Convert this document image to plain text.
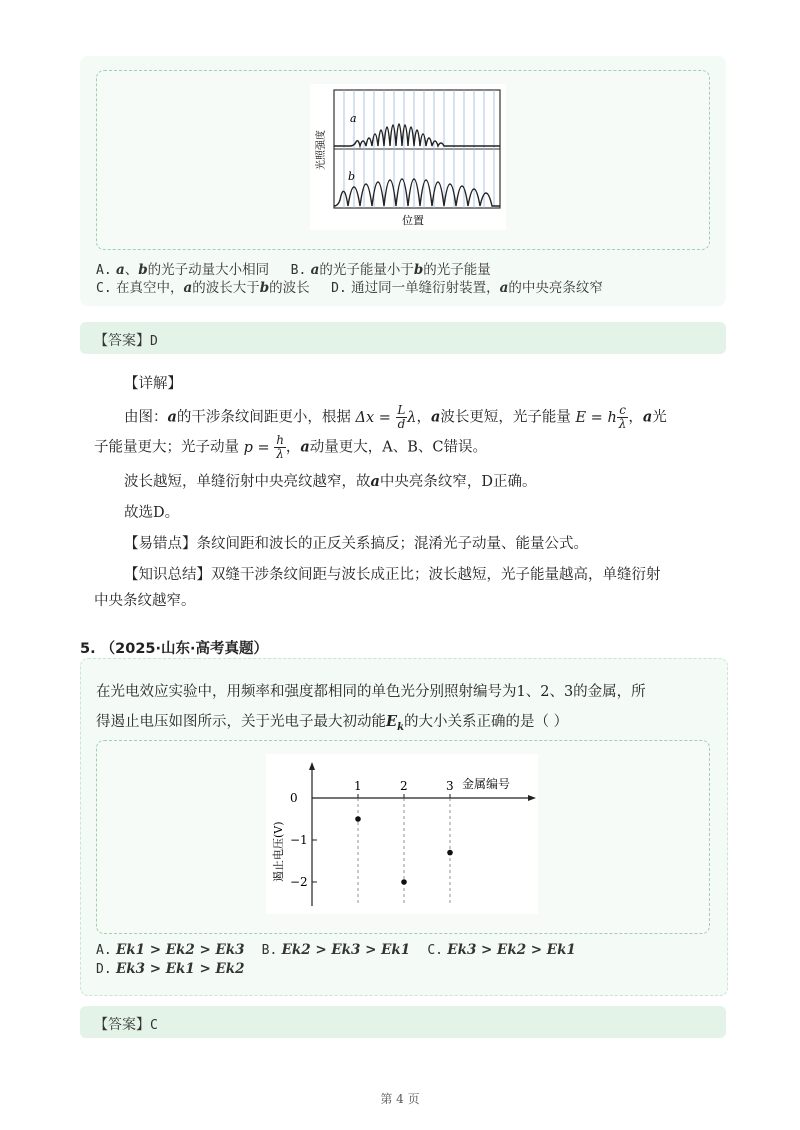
a
b
位置
光照强度
A. a、b的光子动量大小相同 B. a的光子能量小于b的光子能量
C. 在真空中，a的波长大于b的波长 D. 通过同一单缝衍射装置，a的中央亮条纹窄
【答案】D
【详解】
由图：a的干涉条纹间距更小，根据 $\Delta x = \frac{L}{d}\lambda$，a波长更短，光子能量 $E = h\frac{c}{\lambda}$，a光
子能量更大；光子动量 $p = \frac{h}{\lambda}$，a动量更大，A、B、C错误。
波长越短，单缝衍射中央亮纹越窄，故a中央亮条纹窄，D正确。
故选D。
【易错点】条纹间距和波长的正反关系搞反；混淆光子动量、能量公式。
【知识总结】双缝干涉条纹间距与波长成正比；波长越短，光子能量越高，单缝衍射
中央条纹越窄。
5. （2025·山东·高考真题）
在光电效应实验中，用频率和强度都相同的单色光分别照射编号为1、2、3的金属，所
得遏止电压如图所示，关于光电子最大初动能$E_k$的大小关系正确的是（ ）
金属编号
遏止电压(V)
1	2	3
0
−1
−2
A. Ek1 > Ek2 > Ek3 B. Ek2 > Ek3 > Ek1 C. Ek3 > Ek2 > Ek1
D. Ek3 > Ek1 > Ek2
【答案】C
第 4 页
